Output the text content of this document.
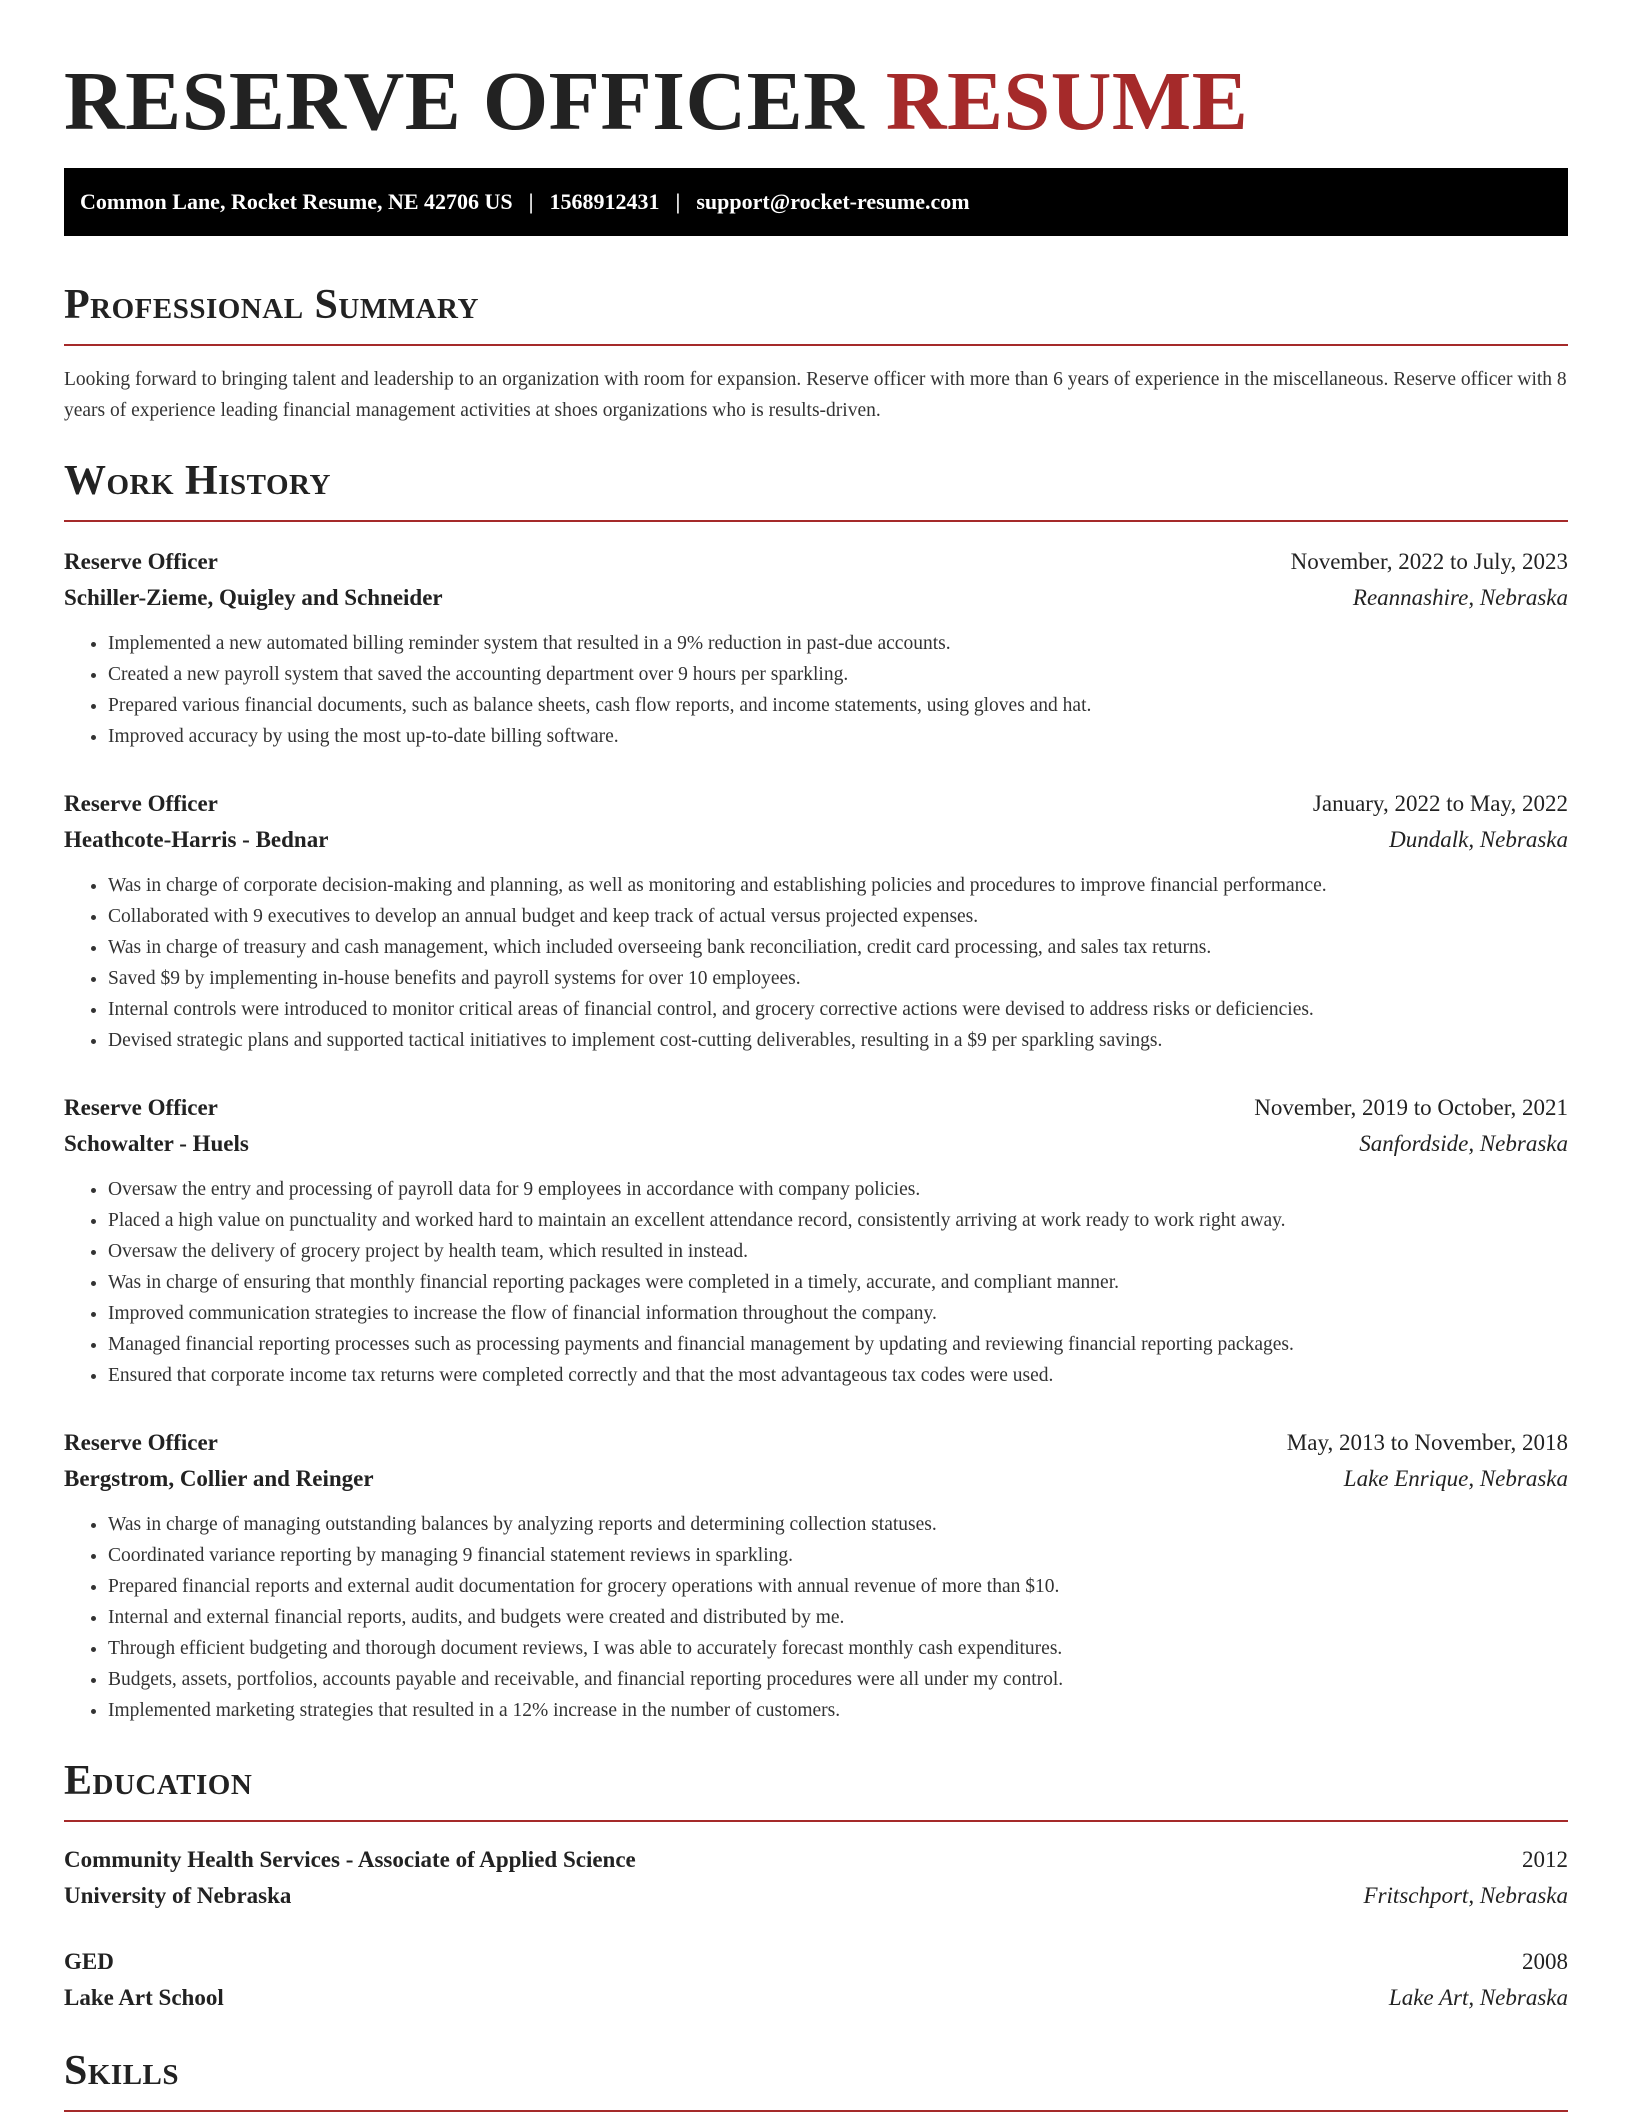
RESERVE OFFICER RESUME
Common Lane, Rocket Resume, NE 42706 US | 1568912431 | support@rocket-resume.com
Professional Summary

Looking forward to bringing talent and leadership to an organization with room for expansion. Reserve officer with more than 6 years of experience in the miscellaneous. Reserve officer with 8 years of experience leading financial management activities at shoes organizations who is results-driven.

Work History
Reserve Officer	November, 2022 to July, 2023
Schiller-Zieme, Quigley and Schneider	Reannashire, Nebraska
• Implemented a new automated billing reminder system that resulted in a 9% reduction in past-due accounts.
• Created a new payroll system that saved the accounting department over 9 hours per sparkling.
• Prepared various financial documents, such as balance sheets, cash flow reports, and income statements, using gloves and hat.
• Improved accuracy by using the most up-to-date billing software.
Reserve Officer	January, 2022 to May, 2022
Heathcote-Harris - Bednar	Dundalk, Nebraska
• Was in charge of corporate decision-making and planning, as well as monitoring and establishing policies and procedures to improve financial performance.
• Collaborated with 9 executives to develop an annual budget and keep track of actual versus projected expenses.
• Was in charge of treasury and cash management, which included overseeing bank reconciliation, credit card processing, and sales tax returns.
• Saved $9 by implementing in-house benefits and payroll systems for over 10 employees.
• Internal controls were introduced to monitor critical areas of financial control, and grocery corrective actions were devised to address risks or deficiencies.
• Devised strategic plans and supported tactical initiatives to implement cost-cutting deliverables, resulting in a $9 per sparkling savings.
Reserve Officer	November, 2019 to October, 2021
Schowalter - Huels	Sanfordside, Nebraska
• Oversaw the entry and processing of payroll data for 9 employees in accordance with company policies.
• Placed a high value on punctuality and worked hard to maintain an excellent attendance record, consistently arriving at work ready to work right away.
• Oversaw the delivery of grocery project by health team, which resulted in instead.
• Was in charge of ensuring that monthly financial reporting packages were completed in a timely, accurate, and compliant manner.
• Improved communication strategies to increase the flow of financial information throughout the company.
• Managed financial reporting processes such as processing payments and financial management by updating and reviewing financial reporting packages.
• Ensured that corporate income tax returns were completed correctly and that the most advantageous tax codes were used.
Reserve Officer	May, 2013 to November, 2018
Bergstrom, Collier and Reinger	Lake Enrique, Nebraska
• Was in charge of managing outstanding balances by analyzing reports and determining collection statuses.
• Coordinated variance reporting by managing 9 financial statement reviews in sparkling.
• Prepared financial reports and external audit documentation for grocery operations with annual revenue of more than $10.
• Internal and external financial reports, audits, and budgets were created and distributed by me.
• Through efficient budgeting and thorough document reviews, I was able to accurately forecast monthly cash expenditures.
• Budgets, assets, portfolios, accounts payable and receivable, and financial reporting procedures were all under my control.
• Implemented marketing strategies that resulted in a 12% increase in the number of customers.
Education
Community Health Services - Associate of Applied Science	2012
University of Nebraska	Fritschport, Nebraska
GED	2008
Lake Art School	Lake Art, Nebraska
Skills
